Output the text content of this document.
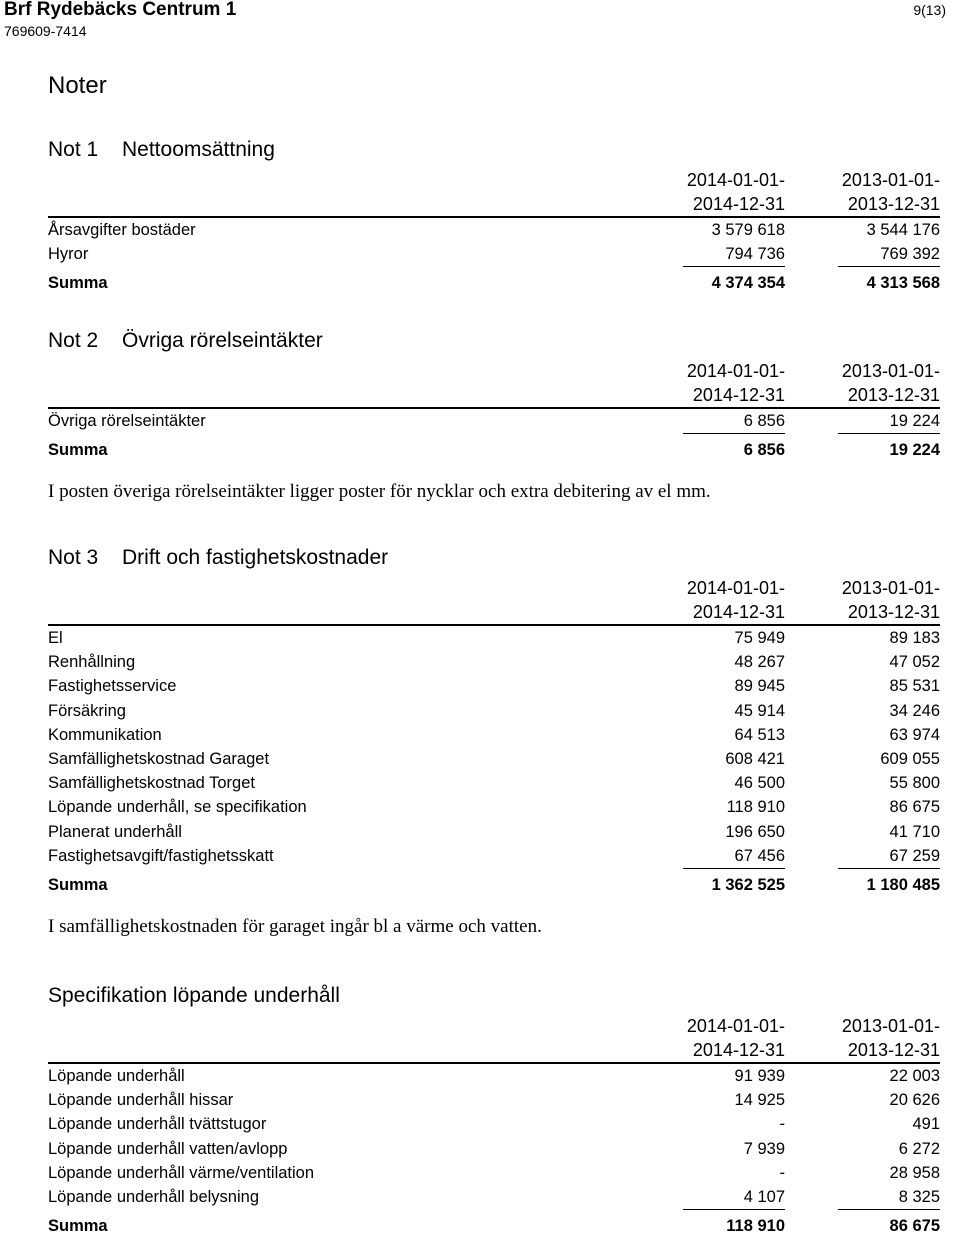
Brf Rydebäcks Centrum 1
769609-7414
9(13)
Noter
Not 1 Nettoomsättning
2014-01-01-
2014-12-31
2013-01-01-
2013-12-31
Årsavgifter bostäder	3 579 618	3 544 176
Hyror	794 736	769 392
Summa	4 374 354	4 313 568
Not 2 Övriga rörelseintäkter
2014-01-01-
2014-12-31
2013-01-01-
2013-12-31
Övriga rörelseintäkter	6 856	19 224
Summa	6 856	19 224
I posten överiga rörelseintäkter ligger poster för nycklar och extra debitering av el mm.
Not 3 Drift och fastighetskostnader
2014-01-01-
2014-12-31
2013-01-01-
2013-12-31
El	75 949	89 183
Renhållning	48 267	47 052
Fastighetsservice	89 945	85 531
Försäkring	45 914	34 246
Kommunikation	64 513	63 974
Samfällighetskostnad Garaget	608 421	609 055
Samfällighetskostnad Torget	46 500	55 800
Löpande underhåll, se specifikation	118 910	86 675
Planerat underhåll	196 650	41 710
Fastighetsavgift/fastighetsskatt	67 456	67 259
Summa	1 362 525	1 180 485
I samfällighetskostnaden för garaget ingår bl a värme och vatten.
Specifikation löpande underhåll
2014-01-01-
2014-12-31
2013-01-01-
2013-12-31
Löpande underhåll	91 939	22 003
Löpande underhåll hissar	14 925	20 626
Löpande underhåll tvättstugor	-	491
Löpande underhåll vatten/avlopp	7 939	6 272
Löpande underhåll värme/ventilation	-	28 958
Löpande underhåll belysning	4 107	8 325
Summa	118 910	86 675
